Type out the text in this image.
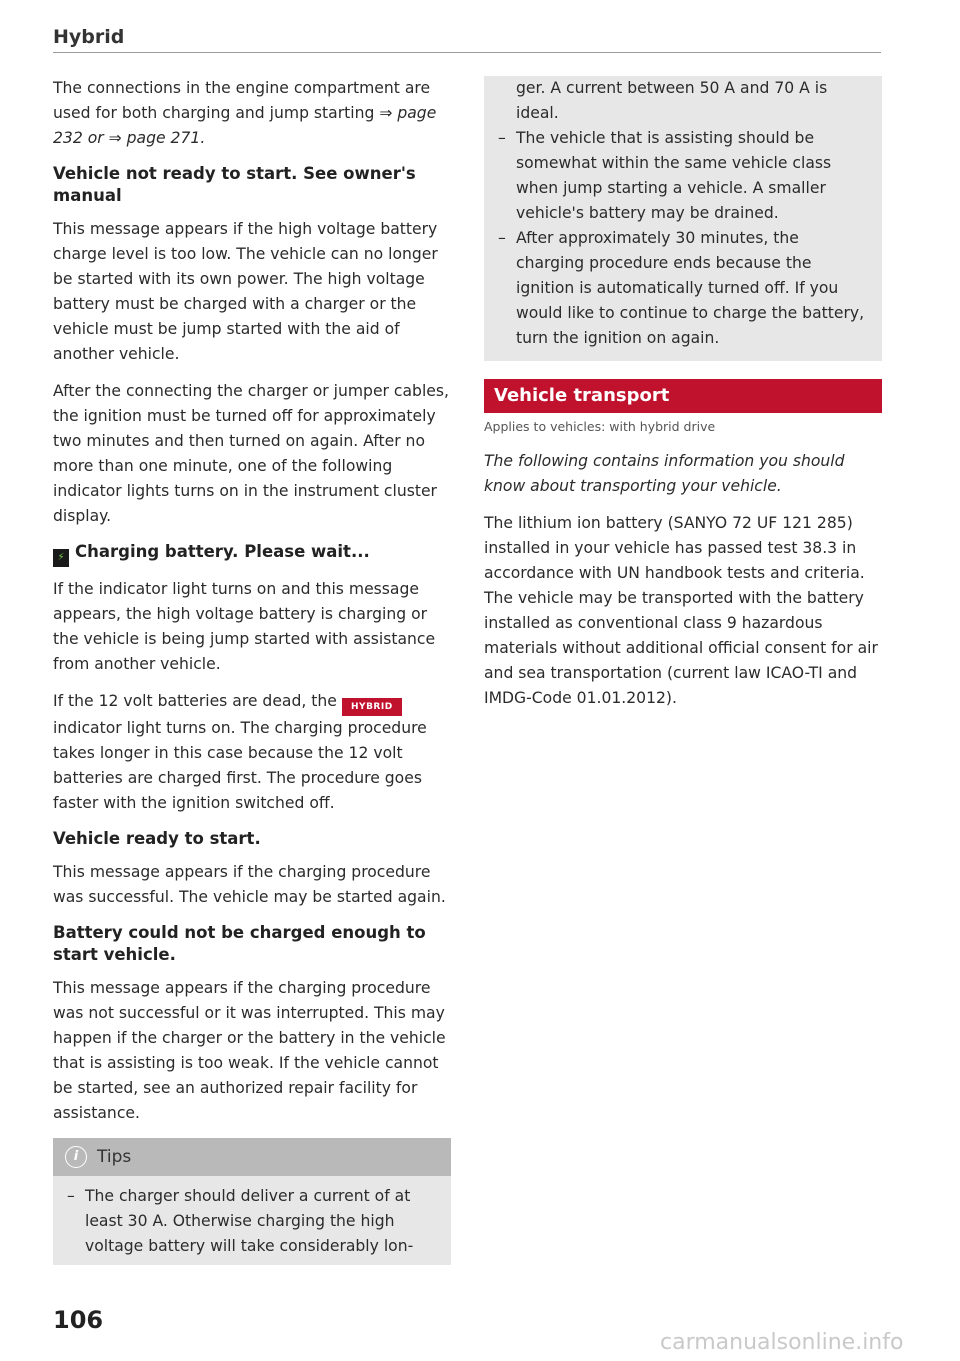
Hybrid

The connections in the engine compartment are used for both charging and jump starting ⇒ page 232 or ⇒ page 271.

Vehicle not ready to start. See owner's manual

This message appears if the high voltage battery charge level is too low. The vehicle can no longer be started with its own power. The high voltage battery must be charged with a charger or the vehicle must be jump started with the aid of another vehicle.

After the connecting the charger or jumper cables, the ignition must be turned off for approximately two minutes and then turned on again. After no more than one minute, one of the following indicator lights turns on in the instrument cluster display.

⚡ Charging battery. Please wait...

If the indicator light turns on and this message appears, the high voltage battery is charging or the vehicle is being jump started with assistance from another vehicle.

If the 12 volt batteries are dead, the HYBRID indicator light turns on. The charging procedure takes longer in this case because the 12 volt batteries are charged first. The procedure goes faster with the ignition switched off.

Vehicle ready to start.

This message appears if the charging procedure was successful. The vehicle may be started again.

Battery could not be charged enough to start vehicle.

This message appears if the charging procedure was not successful or it was interrupted. This may happen if the charger or the battery in the vehicle that is assisting is too weak. If the vehicle cannot be started, see an authorized repair facility for assistance.

i	Tips
– The charger should deliver a current of at least 30 A. Otherwise charging the high voltage battery will take considerably lon-

ger. A current between 50 A and 70 A is ideal.

– The vehicle that is assisting should be somewhat within the same vehicle class when jump starting a vehicle. A smaller vehicle's battery may be drained.
– After approximately 30 minutes, the charging procedure ends because the ignition is automatically turned off. If you would like to continue to charge the battery, turn the ignition on again.
Vehicle transport
Applies to vehicles: with hybrid drive

The following contains information you should know about transporting your vehicle.

The lithium ion battery (SANYO 72 UF 121 285) installed in your vehicle has passed test 38.3 in accordance with UN handbook tests and criteria. The vehicle may be transported with the battery installed as conventional class 9 hazardous materials without additional official consent for air and sea transportation (current law ICAO-TI and IMDG-Code 01.01.2012).

106
carmanualsonline.info
